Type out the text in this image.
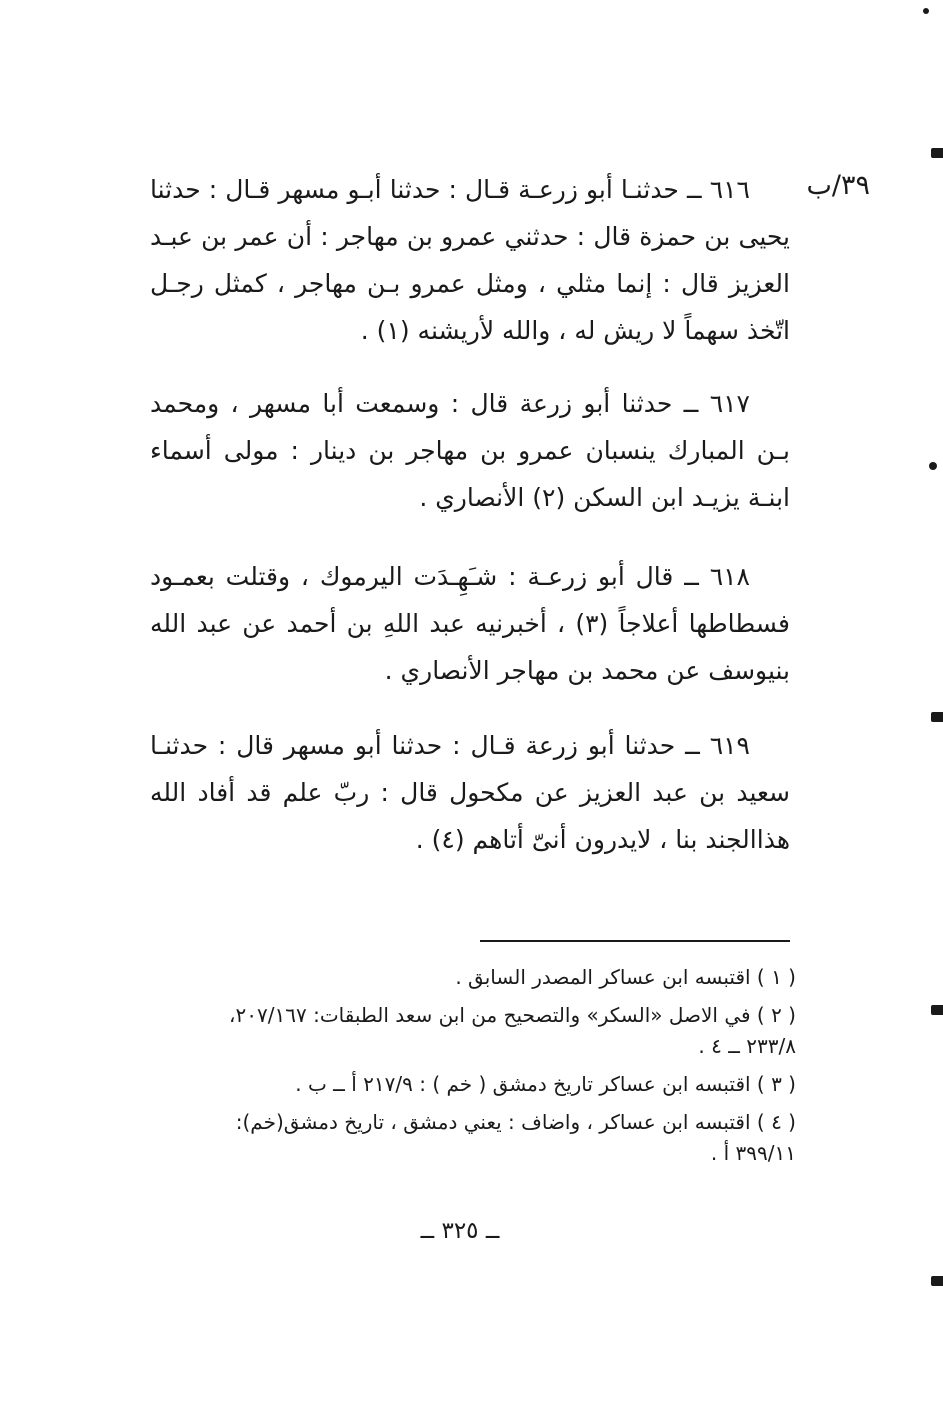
٣٩/ب
٦١٦ ــ حدثنـا أبو زرعـة قـال : حدثنا أبـو مسهر قـال : حدثنا يحيى بن حمزة قال : حدثني عمرو بن مهاجر : أن عمر بن عبـد العزيز قال : إنما مثلي ، ومثل عمرو بـن مهاجر ، كمثل رجـل اتّخذ سهماً لا ريش له ، والله لأريشنه (١) .
٦١٧ ــ حدثنا أبو زرعة قال : وسمعت أبا مسهر ، ومحمد بـن المبارك ينسبان عمرو بن مهاجر بن دينار : مولى أسماء ابنـة يزيـد ابن السكن (٢) الأنصاري .
٦١٨ ــ قال أبو زرعـة : شـَهِـدَت اليرموك ، وقتلت بعمـود فسطاطها أعلاجاً (٣) ، أخبرنيه عبد اللهِ بن أحمد عن عبد الله بنيوسف عن محمد بن مهاجر الأنصاري .
٦١٩ ــ حدثنا أبو زرعة قـال : حدثنا أبو مسهر قال : حدثنـا سعيد بن عبد العزيز عن مكحول قال : ربّ علم قد أفاد الله هذاالجند بنا ، لايدرون أنىّ أتاهم (٤) .

( ١ ) اقتبسه ابن عساكر المصدر السابق .

( ٢ ) في الاصل «السكر» والتصحيح من ابن سعد الطبقات: ٢٠٧/١٦٧، ٢٣٣/٨ ــ ٤ .

( ٣ ) اقتبسه ابن عساكر تاريخ دمشق ( خم ) : ٢١٧/٩ أ ــ ب .

( ٤ ) اقتبسه ابن عساكر ، واضاف : يعني دمشق ، تاريخ دمشق(خم): ٣٩٩/١١ أ .

ــ ٣٢٥ ــ
